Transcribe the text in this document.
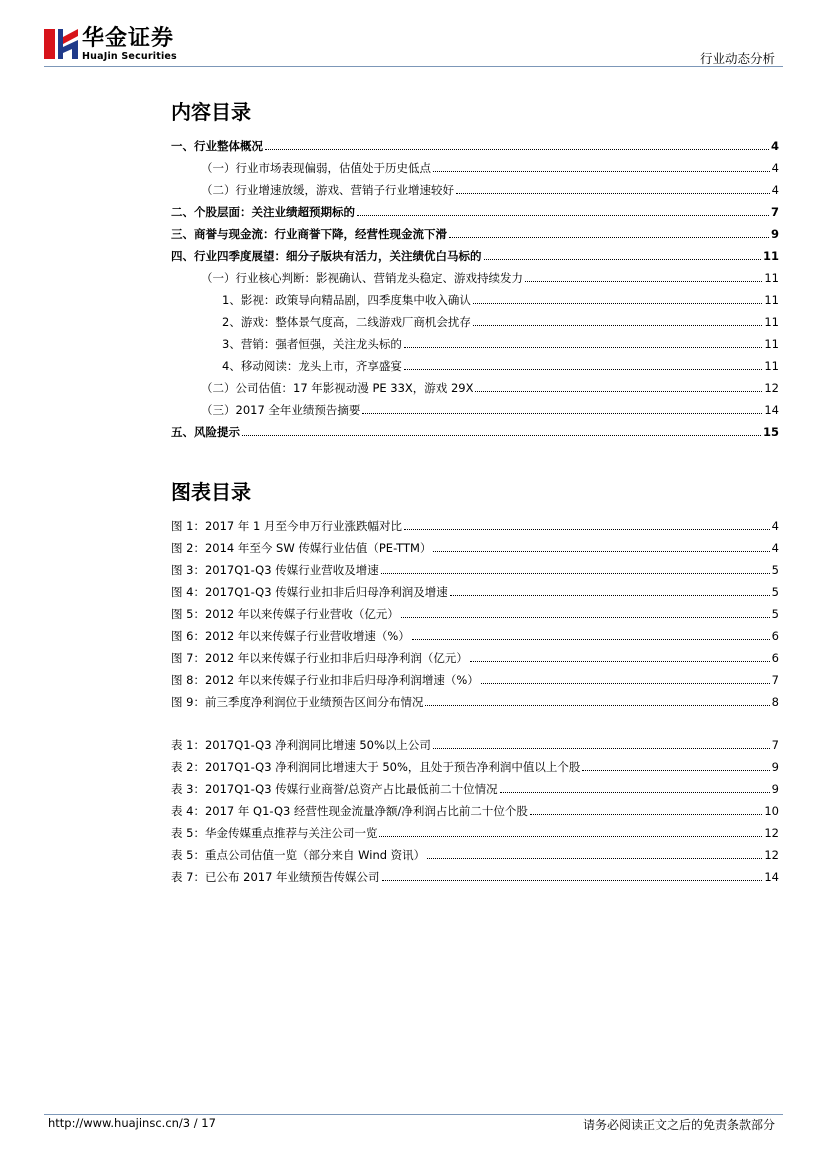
华金证券
HuaJin Securities	行业动态分析
内容目录
一、行业整体概况	4
（一）行业市场表现偏弱，估值处于历史低点	4
（二）行业增速放缓，游戏、营销子行业增速较好	4
二、个股层面：关注业绩超预期标的	7
三、商誉与现金流：行业商誉下降，经营性现金流下滑	9
四、行业四季度展望：细分子版块有活力，关注绩优白马标的	11
（一）行业核心判断：影视确认、营销龙头稳定、游戏持续发力	11
1、影视：政策导向精品剧，四季度集中收入确认	11
2、游戏：整体景气度高，二线游戏厂商机会扰存	11
3、营销：强者恒强，关注龙头标的	11
4、移动阅读：龙头上市，齐享盛宴	11
（二）公司估值：17 年影视动漫 PE 33X，游戏 29X	12
（三）2017 全年业绩预告摘要	14
五、风险提示	15
图表目录
图 1：2017 年 1 月至今申万行业涨跌幅对比	4
图 2：2014 年至今 SW 传媒行业估值（PE-TTM）	4
图 3：2017Q1-Q3 传媒行业营收及增速	5
图 4：2017Q1-Q3 传媒行业扣非后归母净利润及增速	5
图 5：2012 年以来传媒子行业营收（亿元）	5
图 6：2012 年以来传媒子行业营收增速（%）	6
图 7：2012 年以来传媒子行业扣非后归母净利润（亿元）	6
图 8：2012 年以来传媒子行业扣非后归母净利润增速（%）	7
图 9：前三季度净利润位于业绩预告区间分布情况	8
表 1：2017Q1-Q3 净利润同比增速 50%以上公司	7
表 2：2017Q1-Q3 净利润同比增速大于 50%，且处于预告净利润中值以上个股	9
表 3：2017Q1-Q3 传媒行业商誉/总资产占比最低前二十位情况	9
表 4：2017 年 Q1-Q3 经营性现金流量净额/净利润占比前二十位个股	10
表 5：华金传媒重点推荐与关注公司一览	12
表 5：重点公司估值一览（部分来自 Wind 资讯）	12
表 7：已公布 2017 年业绩预告传媒公司	14
http://www.huajinsc.cn/3 / 17	请务必阅读正文之后的免责条款部分
